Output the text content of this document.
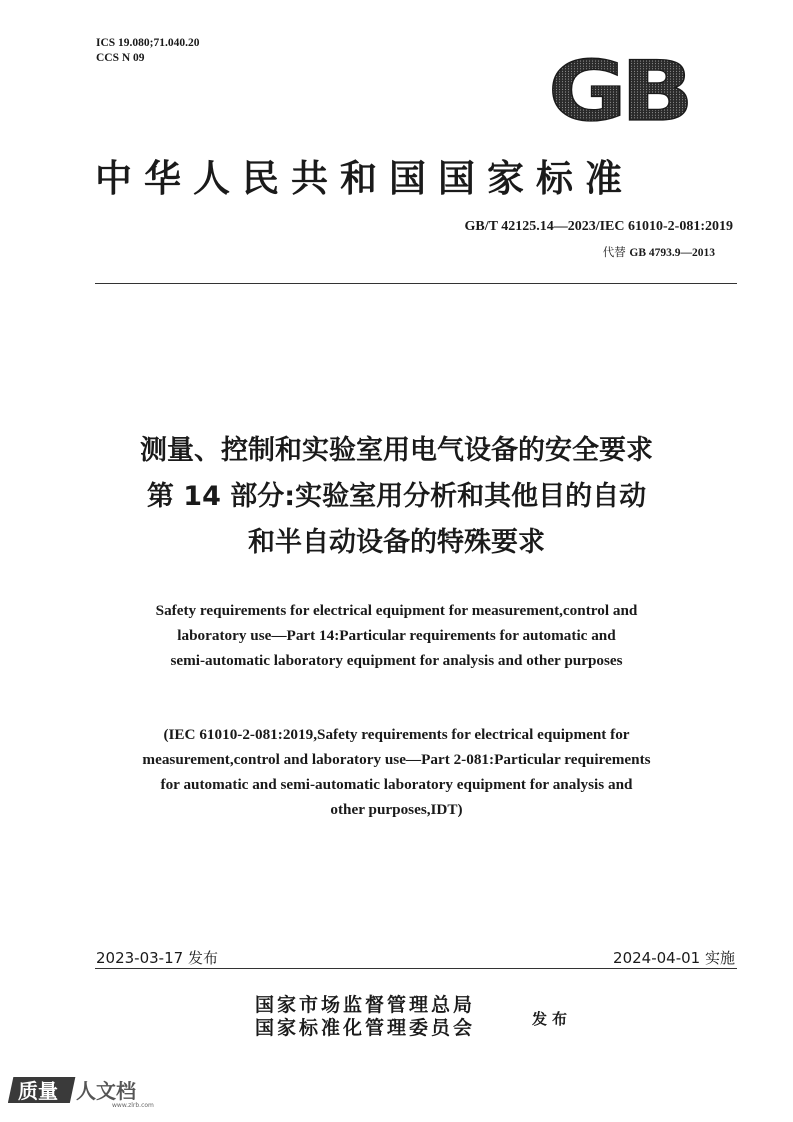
ICS 19.080;71.040.20
CCS N 09	GB
中华人民共和国国家标准
GB/T 42125.14—2023/IEC 61010-2-081:2019
代替 GB 4793.9—2013
测量、控制和实验室用电气设备的安全要求
第 14 部分:实验室用分析和其他目的自动
和半自动设备的特殊要求
Safety requirements for electrical equipment for measurement,control and
laboratory use—Part 14:Particular requirements for automatic and
semi-automatic laboratory equipment for analysis and other purposes
(IEC 61010-2-081:2019,Safety requirements for electrical equipment for
measurement,control and laboratory use—Part 2-081:Particular requirements
for automatic and semi-automatic laboratory equipment for analysis and
other purposes,IDT)
2023-03-17 发布	2024-04-01 实施
国家市场监督管理总局
国家标准化管理委员会	发布
质量 人文档
www.zlrb.com
